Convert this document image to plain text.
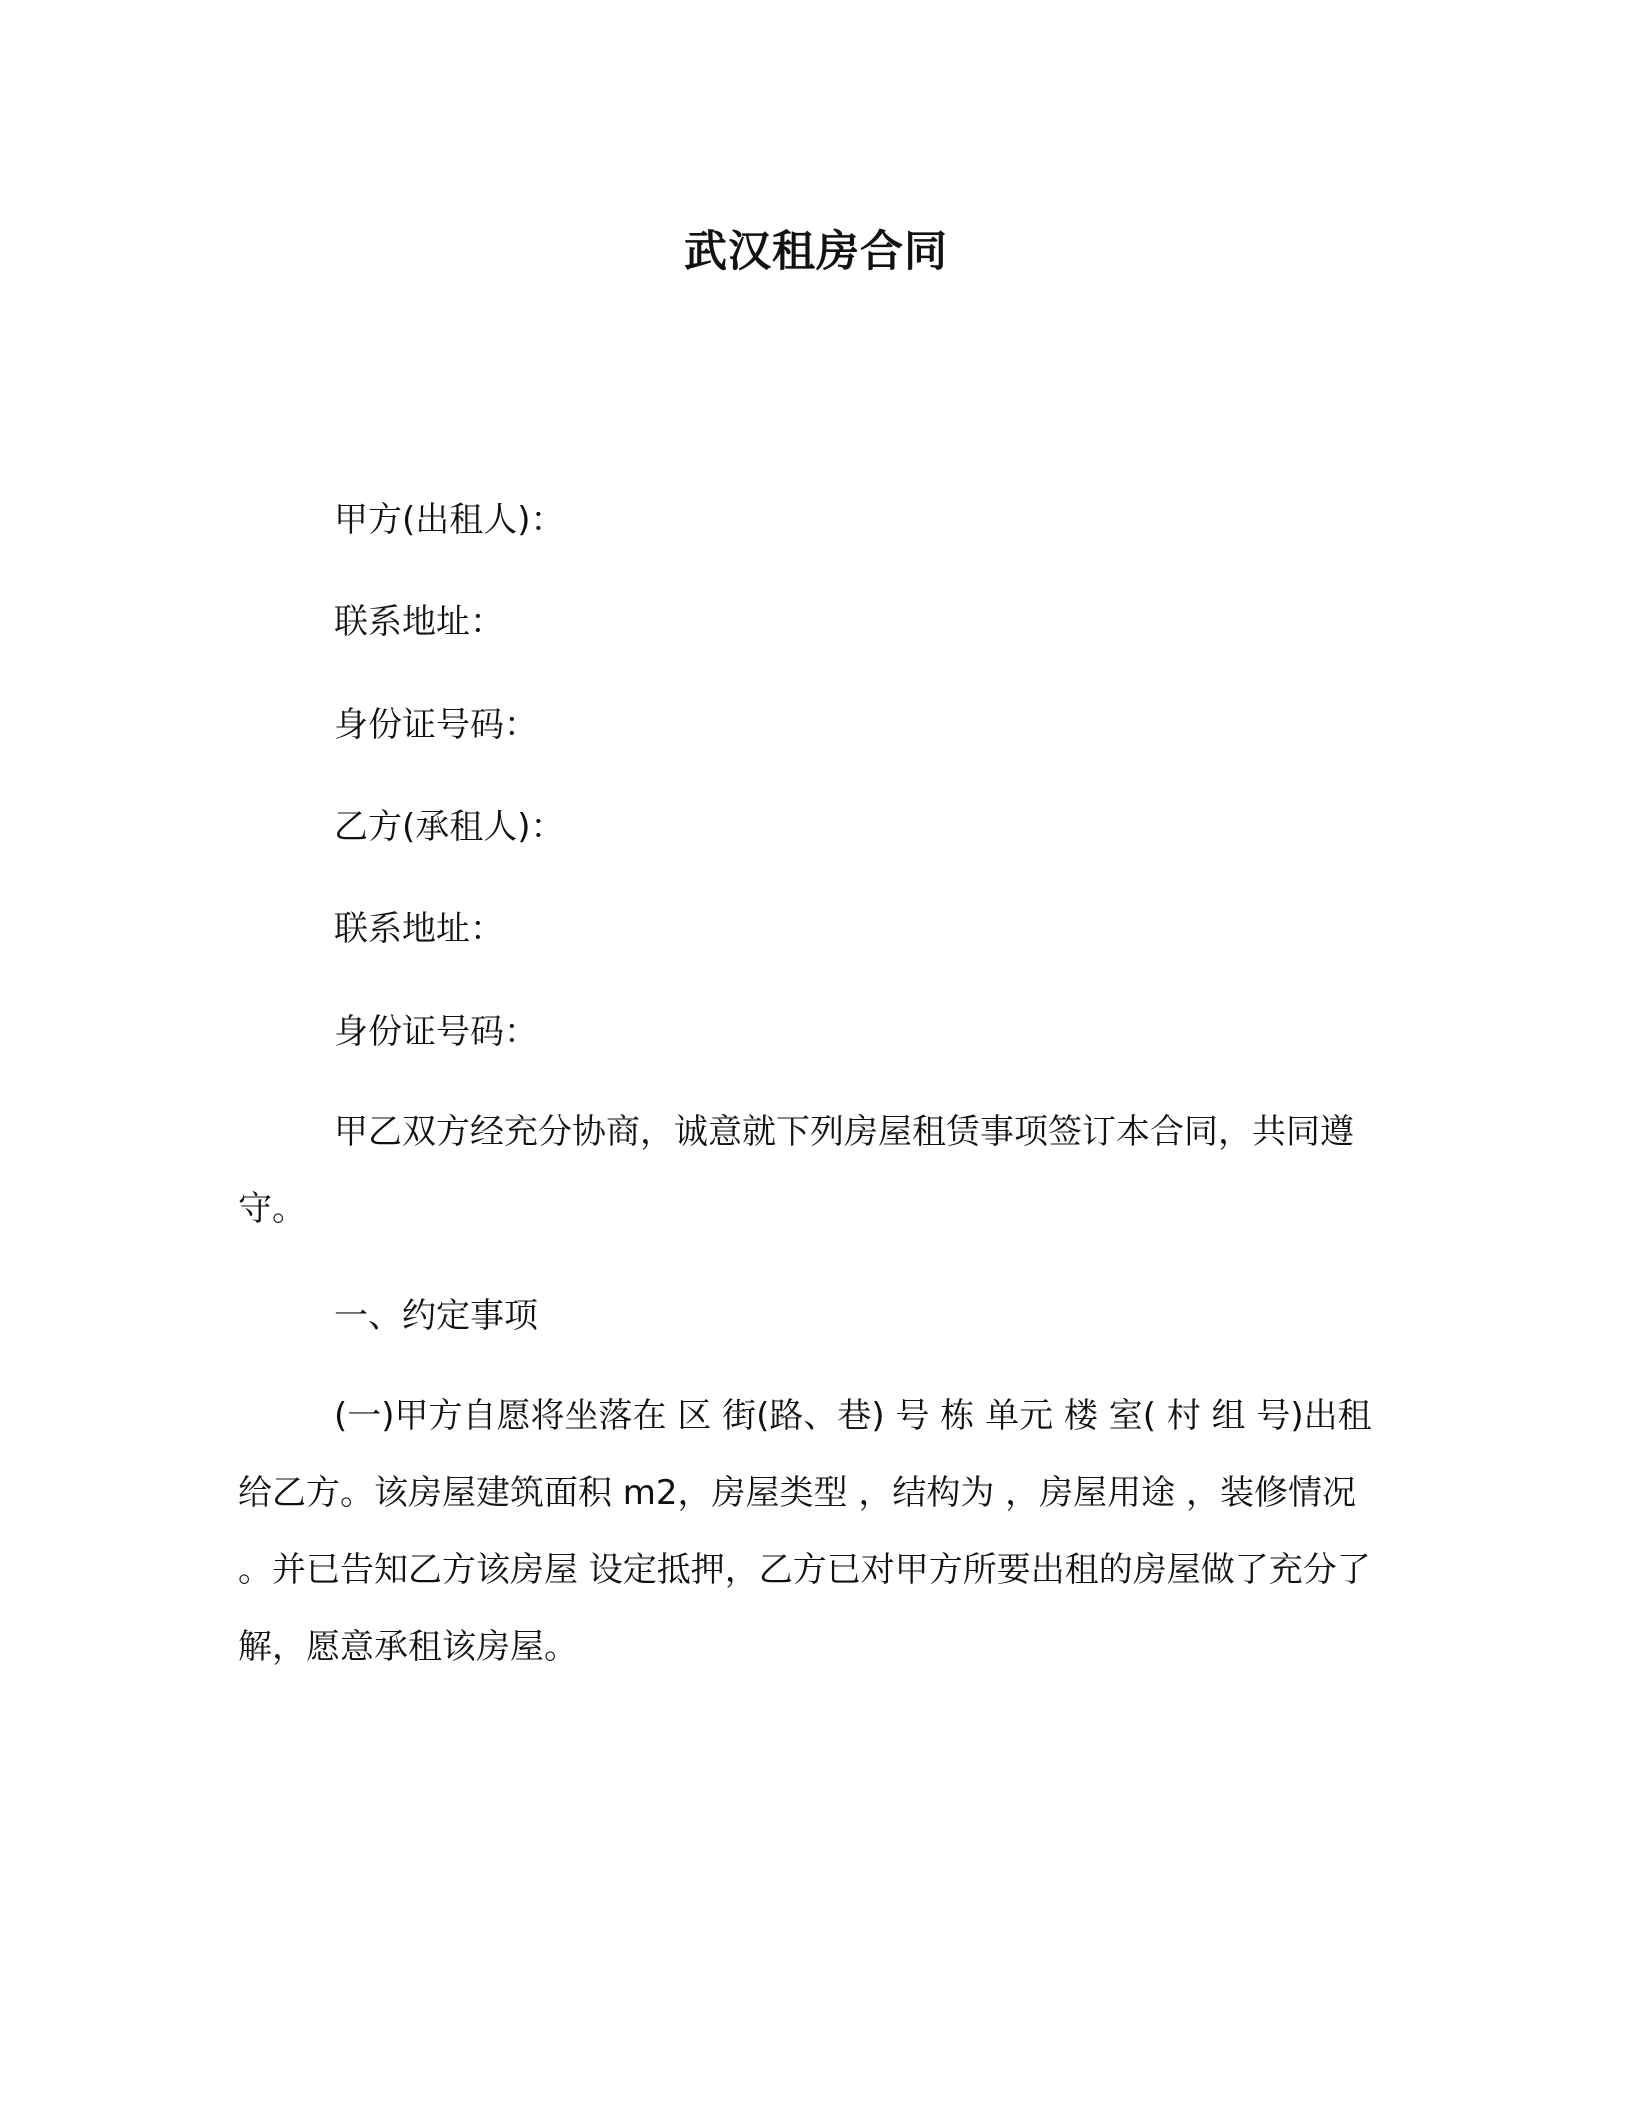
武汉租房合同
甲方(出租人)：
联系地址：
身份证号码：
乙方(承租人)：
联系地址：
身份证号码：
甲乙双方经充分协商，诚意就下列房屋租赁事项签订本合同，共同遵守。
一、约定事项
(一)甲方自愿将坐落在 区 街(路、巷) 号 栋 单元 楼 室( 村 组 号)出租给乙方。该房屋建筑面积 m2，房屋类型 ，结构为 ，房屋用途 ，装修情况 。并已告知乙方该房屋 设定抵押，乙方已对甲方所要出租的房屋做了充分了解，愿意承租该房屋。
